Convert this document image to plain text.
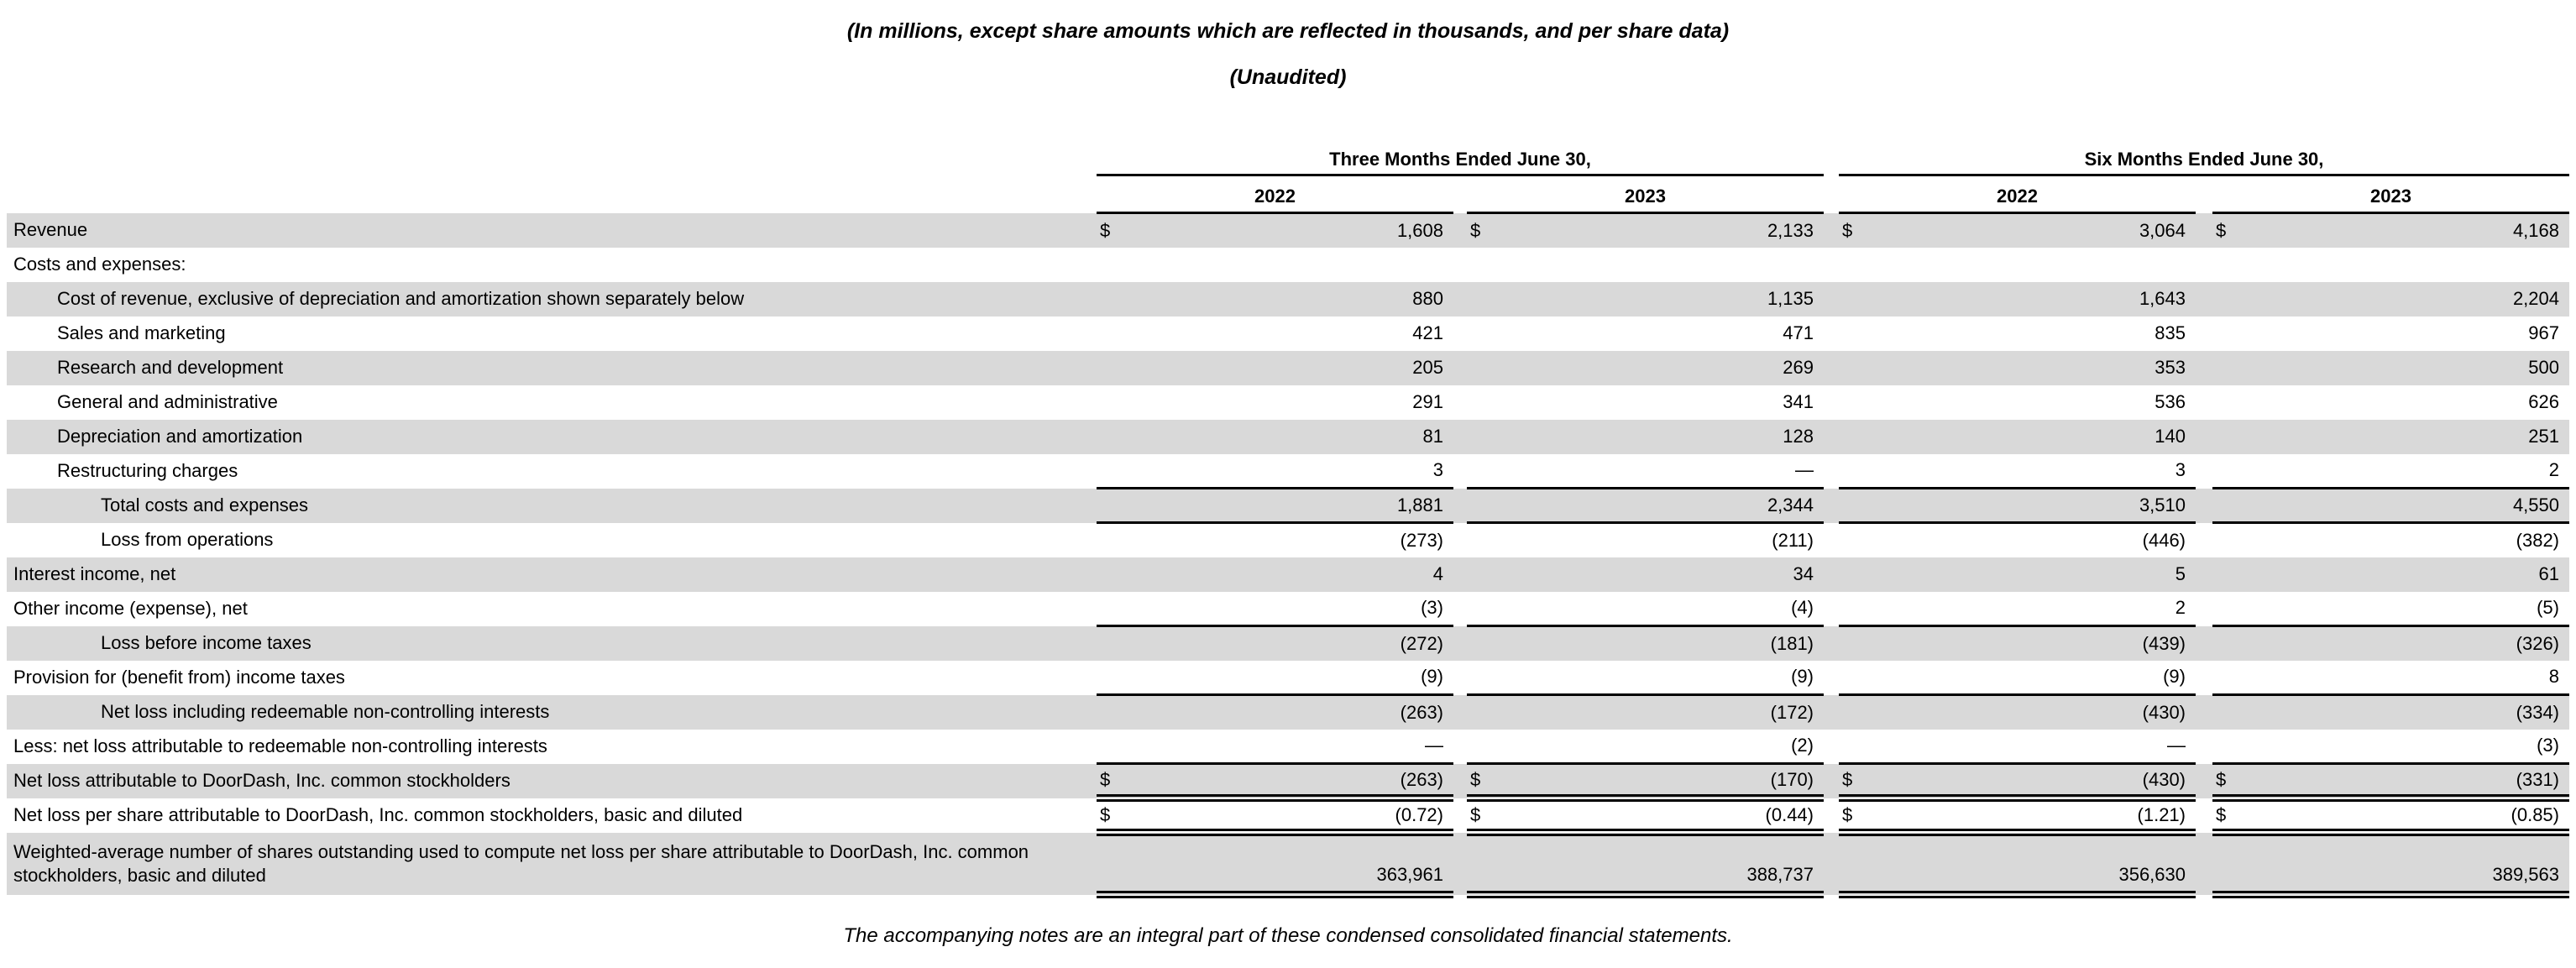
(In millions, except share amounts which are reflected in thousands, and per share data)
(Unaudited)
	Three Months Ended June 30,						Six Months Ended June 30,				
	2022			2023			2022			2023	
Revenue	$	1,608		$	2,133		$	3,064		$	4,168
Costs and expenses:											
Cost of revenue, exclusive of depreciation and amortization shown separately below		880			1,135			1,643			2,204
Sales and marketing		421			471			835			967
Research and development		205			269			353			500
General and administrative		291			341			536			626
Depreciation and amortization		81			128			140			251
Restructuring charges		3			—			3			2
Total costs and expenses		1,881			2,344			3,510			4,550
Loss from operations		(273)			(211)			(446)			(382)
Interest income, net		4			34			5			61
Other income (expense), net		(3)			(4)			2			(5)
Loss before income taxes		(272)			(181)			(439)			(326)
Provision for (benefit from) income taxes		(9)			(9)			(9)			8
Net loss including redeemable non-controlling interests		(263)			(172)			(430)			(334)
Less: net loss attributable to redeemable non-controlling interests		—			(2)			—			(3)
Net loss attributable to DoorDash, Inc. common stockholders	$	(263)		$	(170)		$	(430)		$	(331)
Net loss per share attributable to DoorDash, Inc. common stockholders, basic and diluted	$	(0.72)		$	(0.44)		$	(1.21)		$	(0.85)
Weighted-average number of shares outstanding used to compute net loss per share attributable to DoorDash, Inc. common stockholders, basic and diluted		363,961			388,737			356,630			389,563
The accompanying notes are an integral part of these condensed consolidated financial statements.
